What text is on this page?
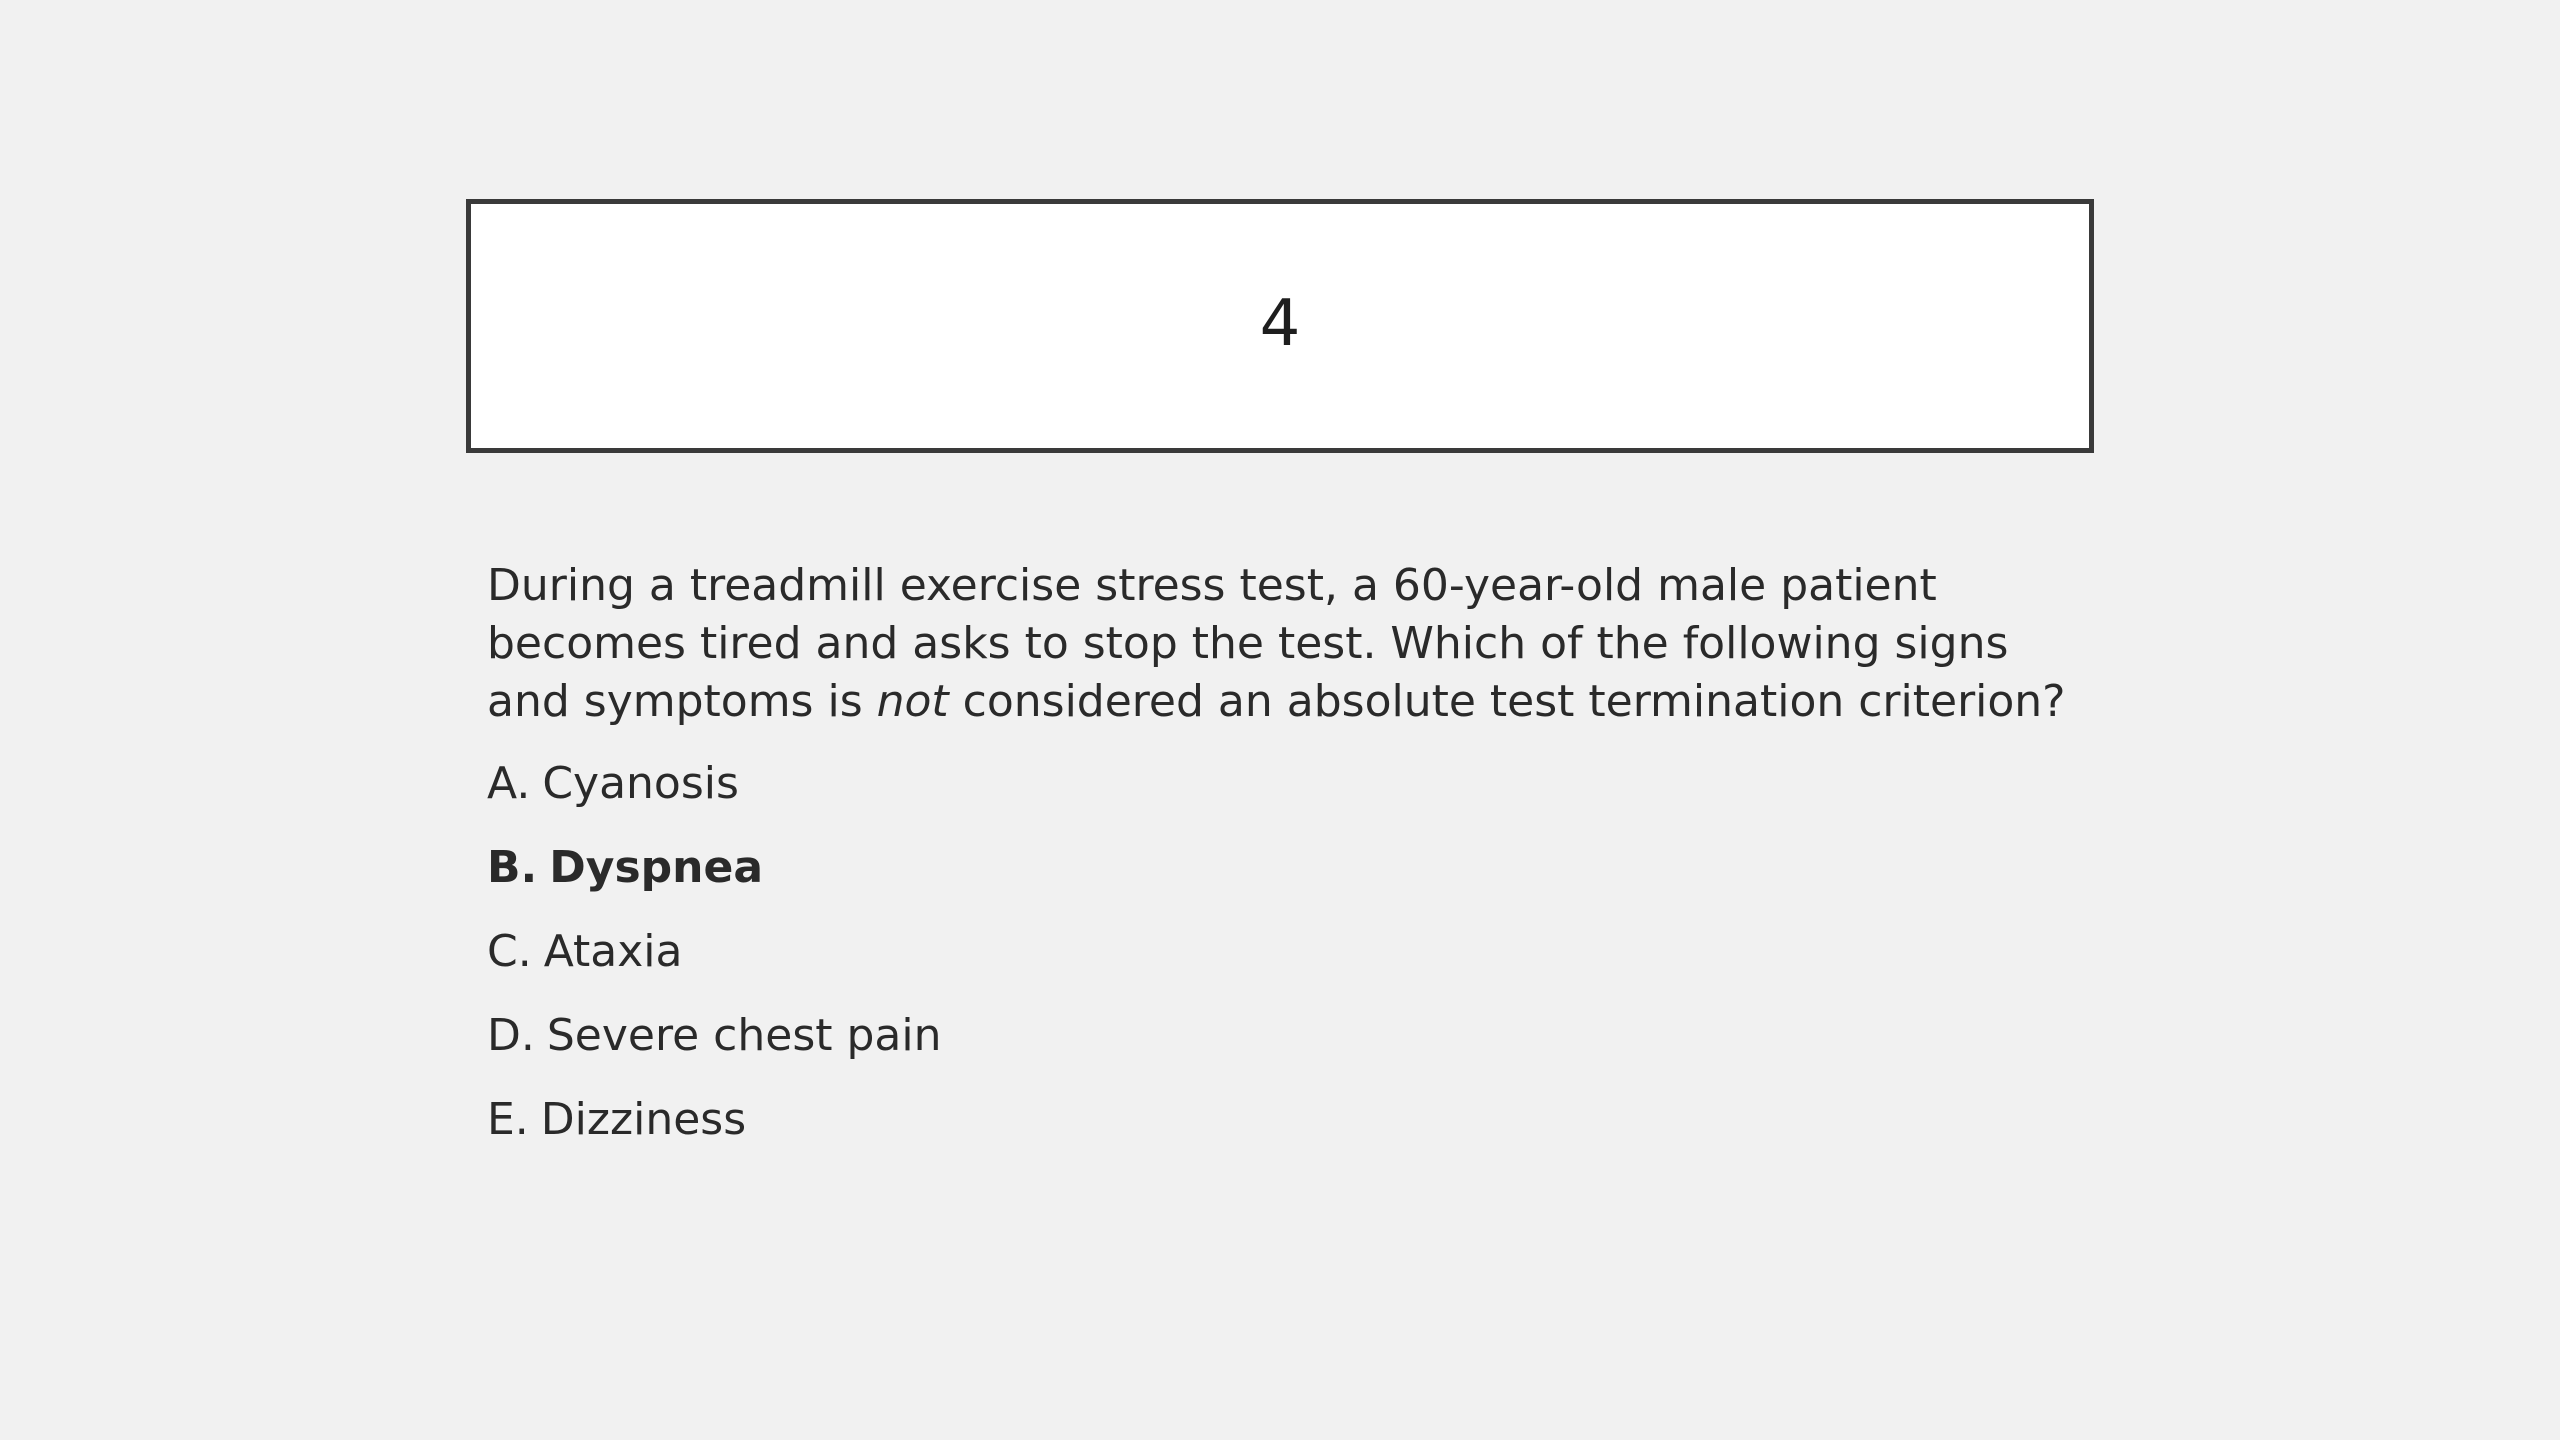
4

During a treadmill exercise stress test, a 60-year-old male patient becomes tired and asks to stop the test. Which of the following signs and symptoms is not considered an absolute test termination criterion?

A. Cyanosis
B. Dyspnea
C. Ataxia
D. Severe chest pain
E. Dizziness
